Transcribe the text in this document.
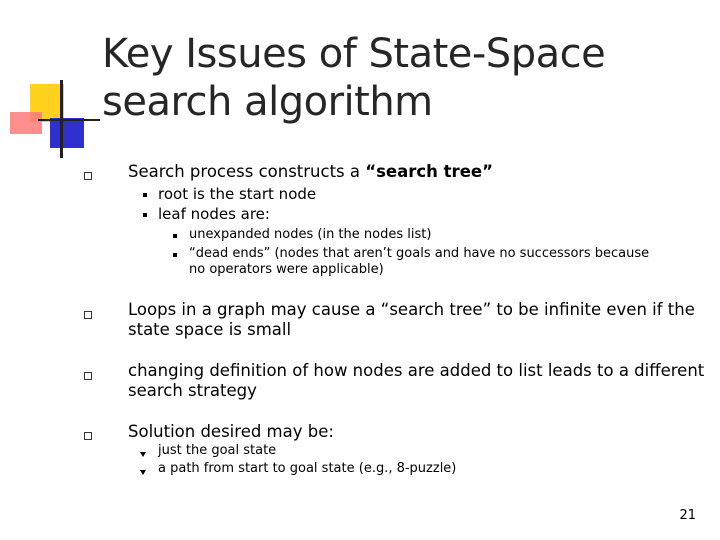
Key Issues of State-Space
search algorithm
Search process constructs a “search tree”
root is the start node
leaf nodes are:
unexpanded nodes (in the nodes list)
“dead ends” (nodes that aren’t goals and have no successors because
no operators were applicable)
Loops in a graph may cause a “search tree” to be infinite even if the
state space is small
changing definition of how nodes are added to list leads to a different
search strategy
Solution desired may be:
just the goal state
a path from start to goal state (e.g., 8-puzzle)
21
